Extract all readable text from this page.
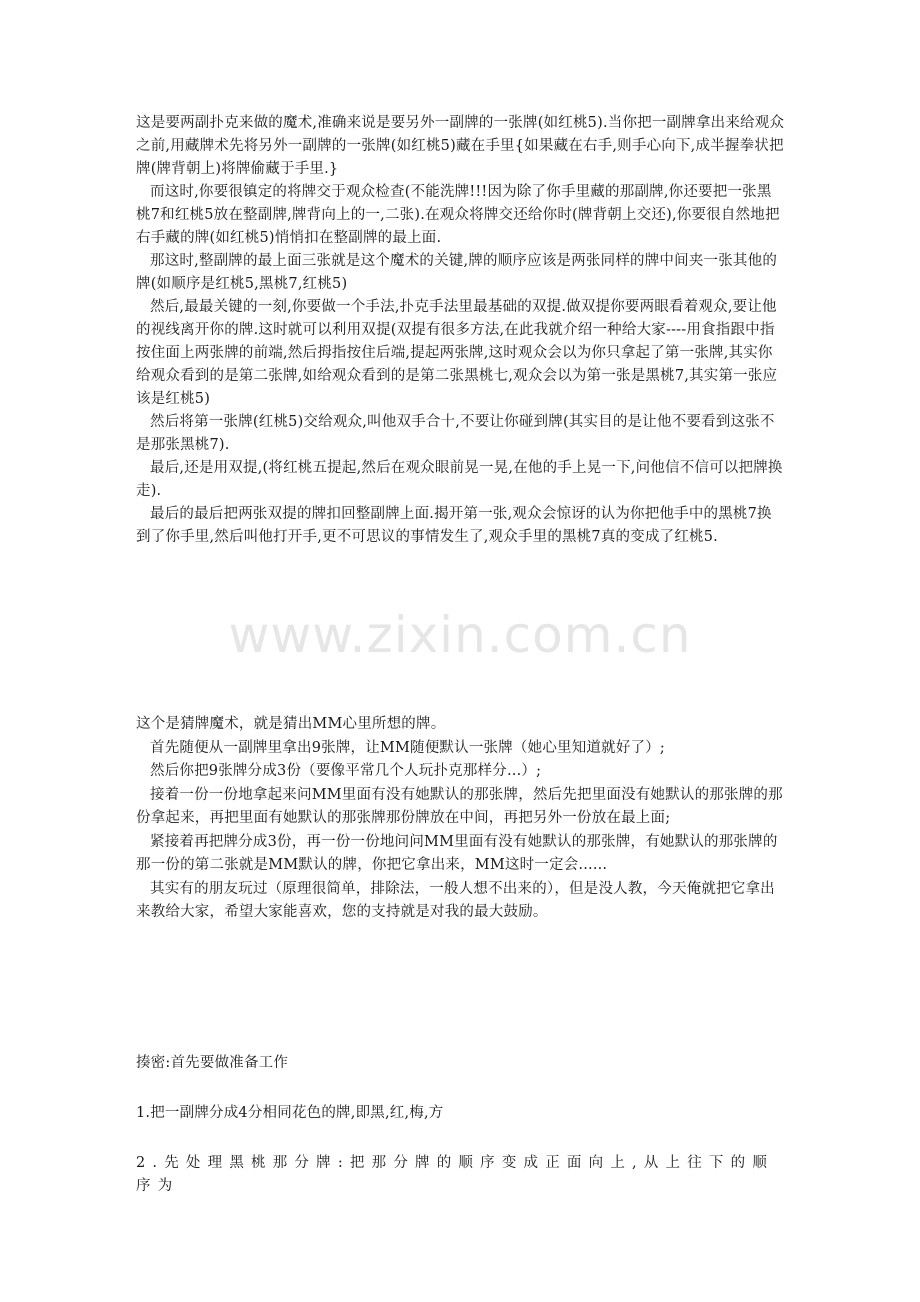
这是要两副扑克来做的魔术,准确来说是要另外一副牌的一张牌(如红桃5).当你把一副牌拿出来给观众之前,用藏牌术先将另外一副牌的一张牌(如红桃5)藏在手里{如果藏在右手,则手心向下,成半握拳状把牌(牌背朝上)将牌偷藏于手里.}

而这时,你要很镇定的将牌交于观众检查(不能洗牌!!!因为除了你手里藏的那副牌,你还要把一张黑桃7和红桃5放在整副牌,牌背向上的一,二张).在观众将牌交还给你时(牌背朝上交还),你要很自然地把右手藏的牌(如红桃5)悄悄扣在整副牌的最上面.

那这时,整副牌的最上面三张就是这个魔术的关键,牌的顺序应该是两张同样的牌中间夹一张其他的牌(如顺序是红桃5,黑桃7,红桃5)

然后,最最关键的一刻,你要做一个手法,扑克手法里最基础的双提.做双提你要两眼看着观众,要让他的视线离开你的牌.这时就可以利用双提(双提有很多方法,在此我就介绍一种给大家----用食指跟中指按住面上两张牌的前端,然后拇指按住后端,提起两张牌,这时观众会以为你只拿起了第一张牌,其实你给观众看到的是第二张牌,如给观众看到的是第二张黑桃七,观众会以为第一张是黑桃7,其实第一张应该是红桃5)

然后将第一张牌(红桃5)交给观众,叫他双手合十,不要让你碰到牌(其实目的是让他不要看到这张不是那张黑桃7).

最后,还是用双提,(将红桃五提起,然后在观众眼前晃一晃,在他的手上晃一下,问他信不信可以把牌换走).

最后的最后把两张双提的牌扣回整副牌上面.揭开第一张,观众会惊讶的认为你把他手中的黑桃7换到了你手里,然后叫他打开手,更不可思议的事情发生了,观众手里的黑桃7真的变成了红桃5.

www.zixin.com.cn

这个是猜牌魔术，就是猜出MM心里所想的牌。

首先随便从一副牌里拿出9张牌，让MM随便默认一张牌（她心里知道就好了）;

然后你把9张牌分成3份（要像平常几个人玩扑克那样分...）;

接着一份一份地拿起来问MM里面有没有她默认的那张牌，然后先把里面没有她默认的那张牌的那份拿起来，再把里面有她默认的那张牌那份牌放在中间，再把另外一份放在最上面;

紧接着再把牌分成3份，再一份一份地问问MM里面有没有她默认的那张牌，有她默认的那张牌的那一份的第二张就是MM默认的牌，你把它拿出来，MM这时一定会......

其实有的朋友玩过（原理很简单，排除法，一般人想不出来的），但是没人教，今天俺就把它拿出来教给大家，希望大家能喜欢，您的支持就是对我的最大鼓励。

揍密:首先要做准备工作

1.把一副牌分成4分相同花色的牌,即黑,红,梅,方

2.先处理黑桃那分牌:把那分牌的顺序变成正面向上,从上往下的顺序为
